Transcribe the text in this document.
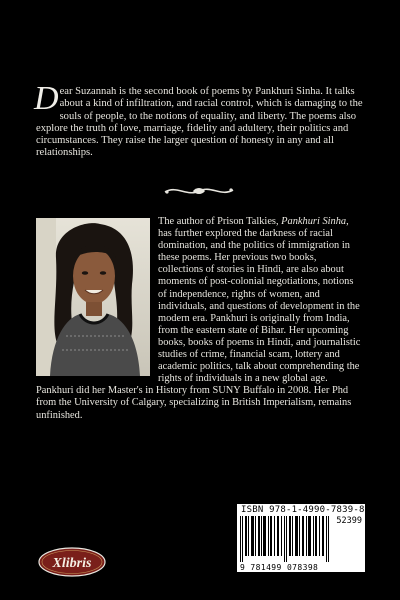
Dear Suzannah is the second book of poems by Pankhuri Sinha. It talks about a kind of infiltration, and racial control, which is damaging to the souls of people, to the notions of equality, and liberty. The poems also explore the truth of love, marriage, fidelity and adultery, their politics and circumstances. They raise the larger question of honesty in any and all relationships.

The author of Prison Talkies, Pankhuri Sinha, has further explored the darkness of racial domination, and the politics of immigration in these poems. Her previous two books, collections of stories in Hindi, are also about moments of post-colonial negotiations, notions of independence, rights of women, and individuals, and questions of development in the modern era. Pankhuri is originally from India, from the eastern state of Bihar. Her upcoming books, books of poems in Hindi, and journalistic studies of crime, financial scam, lottery and academic politics, talk about comprehending the rights of individuals in a new global age. Pankhuri did her Master's in History from SUNY Buffalo in 2008. Her Phd from the University of Calgary, specializing in British Imperialism, remains unfinished.

ISBN 978-1-4990-7839-8
52399
9 781499 078398
Xlibris
